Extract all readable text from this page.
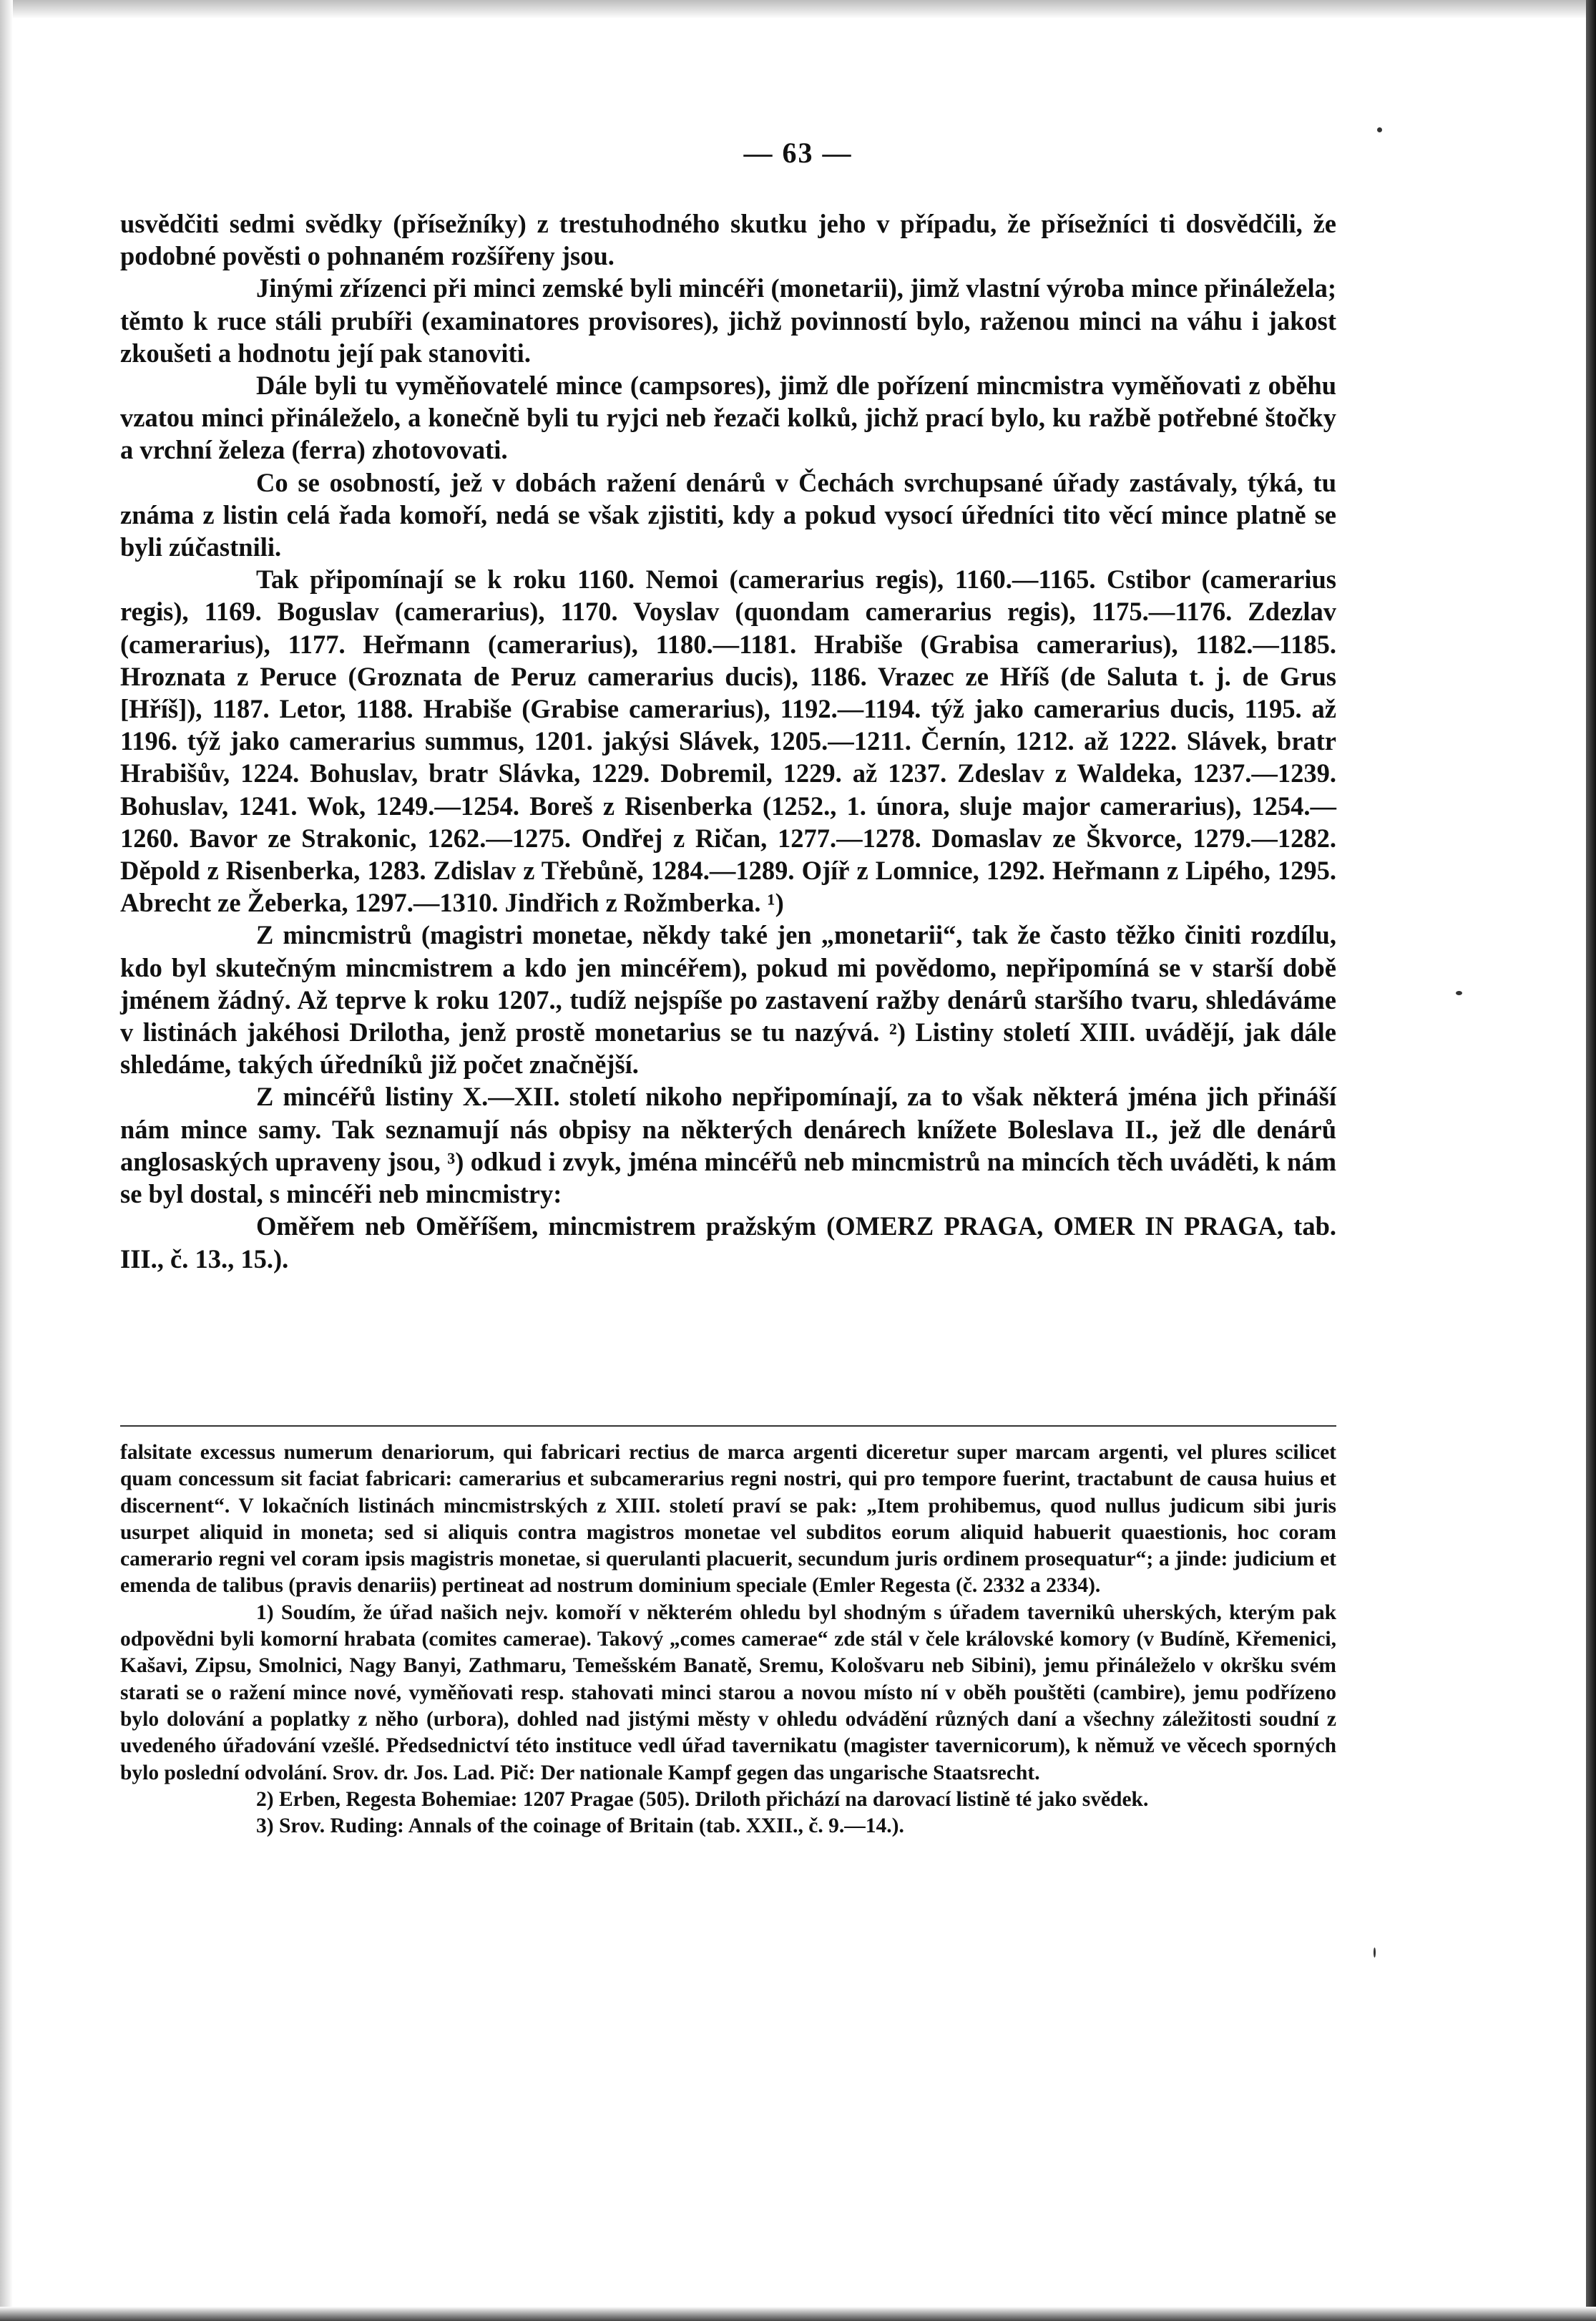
— 63 —

usvědčiti sedmi svědky (přísežníky) z trestuhodného skutku jeho v případu, že přísežníci ti dosvědčili, že podobné pověsti o pohnaném rozšířeny jsou.

Jinými zřízenci při minci zemské byli mincéři (monetarii), jimž vlastní výroba mince přináležela; těmto k ruce stáli prubíři (examinatores provisores), jichž povinností bylo, raženou minci na váhu i jakost zkoušeti a hodnotu její pak stanoviti.

Dále byli tu vyměňovatelé mince (campsores), jimž dle pořízení mincmistra vyměňovati z oběhu vzatou minci přináleželo, a konečně byli tu ryjci neb řezači kolků, jichž prací bylo, ku ražbě potřebné štočky a vrchní železa (ferra) zhotovovati.

Co se osobností, jež v dobách ražení denárů v Čechách svrchupsané úřady zastávaly, týká, tu známa z listin celá řada komoří, nedá se však zjistiti, kdy a pokud vysocí úředníci tito věcí mince platně se byli zúčastnili.

Tak připomínají se k roku 1160. Nemoi (camerarius regis), 1160.—1165. Cstibor (camerarius regis), 1169. Boguslav (camerarius), 1170. Voyslav (quondam camerarius regis), 1175.—1176. Zdezlav (camerarius), 1177. Heřmann (camerarius), 1180.—1181. Hrabiše (Grabisa camerarius), 1182.—1185. Hroznata z Peruce (Groznata de Peruz camerarius ducis), 1186. Vrazec ze Hříš (de Saluta t. j. de Grus [Hříš]), 1187. Letor, 1188. Hrabiše (Grabise camerarius), 1192.—1194. týž jako camerarius ducis, 1195. až 1196. týž jako camerarius summus, 1201. jakýsi Slávek, 1205.—1211. Černín, 1212. až 1222. Slávek, bratr Hrabišův, 1224. Bohuslav, bratr Slávka, 1229. Dobremil, 1229. až 1237. Zdeslav z Waldeka, 1237.—1239. Bohuslav, 1241. Wok, 1249.—1254. Boreš z Risenberka (1252., 1. února, sluje major camerarius), 1254.—1260. Bavor ze Strakonic, 1262.—1275. Ondřej z Ričan, 1277.—1278. Domaslav ze Škvorce, 1279.—1282. Děpold z Risenberka, 1283. Zdislav z Třebůně, 1284.—1289. Ojíř z Lomnice, 1292. Heřmann z Lipého, 1295. Abrecht ze Žeberka, 1297.—1310. Jindřich z Rožmberka. ¹)

Z mincmistrů (magistri monetae, někdy také jen „monetarii“, tak že často těžko činiti rozdílu, kdo byl skutečným mincmistrem a kdo jen mincéřem), pokud mi povědomo, nepřipomíná se v starší době jménem žádný. Až teprve k roku 1207., tudíž nejspíše po zastavení ražby denárů staršího tvaru, shledáváme v listinách jakéhosi Drilotha, jenž prostě monetarius se tu nazývá. ²) Listiny století XIII. uvádějí, jak dále shledáme, takých úředníků již počet značnější.

Z mincéřů listiny X.—XII. století nikoho nepřipomínají, za to však některá jména jich přináší nám mince samy. Tak seznamují nás obpisy na některých denárech knížete Boleslava II., jež dle denárů anglosaských upraveny jsou, ³) odkud i zvyk, jména mincéřů neb mincmistrů na mincích těch uváděti, k nám se byl dostal, s mincéři neb mincmistry:

Oměřem neb Oměříšem, mincmistrem pražským (OMERZ PRAGA, OMER IN PRAGA, tab. III., č. 13., 15.).

falsitate excessus numerum denariorum, qui fabricari rectius de marca argenti diceretur super marcam argenti, vel plures scilicet quam concessum sit faciat fabricari: camerarius et subcamerarius regni nostri, qui pro tempore fuerint, tractabunt de causa huius et discernent“. V lokačních listinách mincmistrských z XIII. století praví se pak: „Item prohibemus, quod nullus judicum sibi juris usurpet aliquid in moneta; sed si aliquis contra magistros monetae vel subditos eorum aliquid habuerit quaestionis, hoc coram camerario regni vel coram ipsis magistris monetae, si querulanti placuerit, secundum juris ordinem prosequatur“; a jinde: judicium et emenda de talibus (pravis denariis) pertineat ad nostrum dominium speciale (Emler Regesta (č. 2332 a 2334).

1) Soudím, že úřad našich nejv. komoří v některém ohledu byl shodným s úřadem tavernikû uherských, kterým pak odpovědni byli komorní hrabata (comites camerae). Takový „comes camerae“ zde stál v čele královské komory (v Budíně, Křemenici, Kašavi, Zipsu, Smolnici, Nagy Banyi, Zathmaru, Temešském Banatě, Sremu, Kološvaru neb Sibini), jemu přináleželo v okršku svém starati se o ražení mince nové, vyměňovati resp. stahovati minci starou a novou místo ní v oběh pouštěti (cambire), jemu podřízeno bylo dolování a poplatky z něho (urbora), dohled nad jistými městy v ohledu odvádění různých daní a všechny záležitosti soudní z uvedeného úřadování vzešlé. Předsednictví této instituce vedl úřad tavernikatu (magister tavernicorum), k němuž ve věcech sporných bylo poslední odvolání. Srov. dr. Jos. Lad. Pič: Der nationale Kampf gegen das ungarische Staatsrecht.

2) Erben, Regesta Bohemiae: 1207 Pragae (505). Driloth přichází na darovací listině té jako svědek.

3) Srov. Ruding: Annals of the coinage of Britain (tab. XXII., č. 9.—14.).
